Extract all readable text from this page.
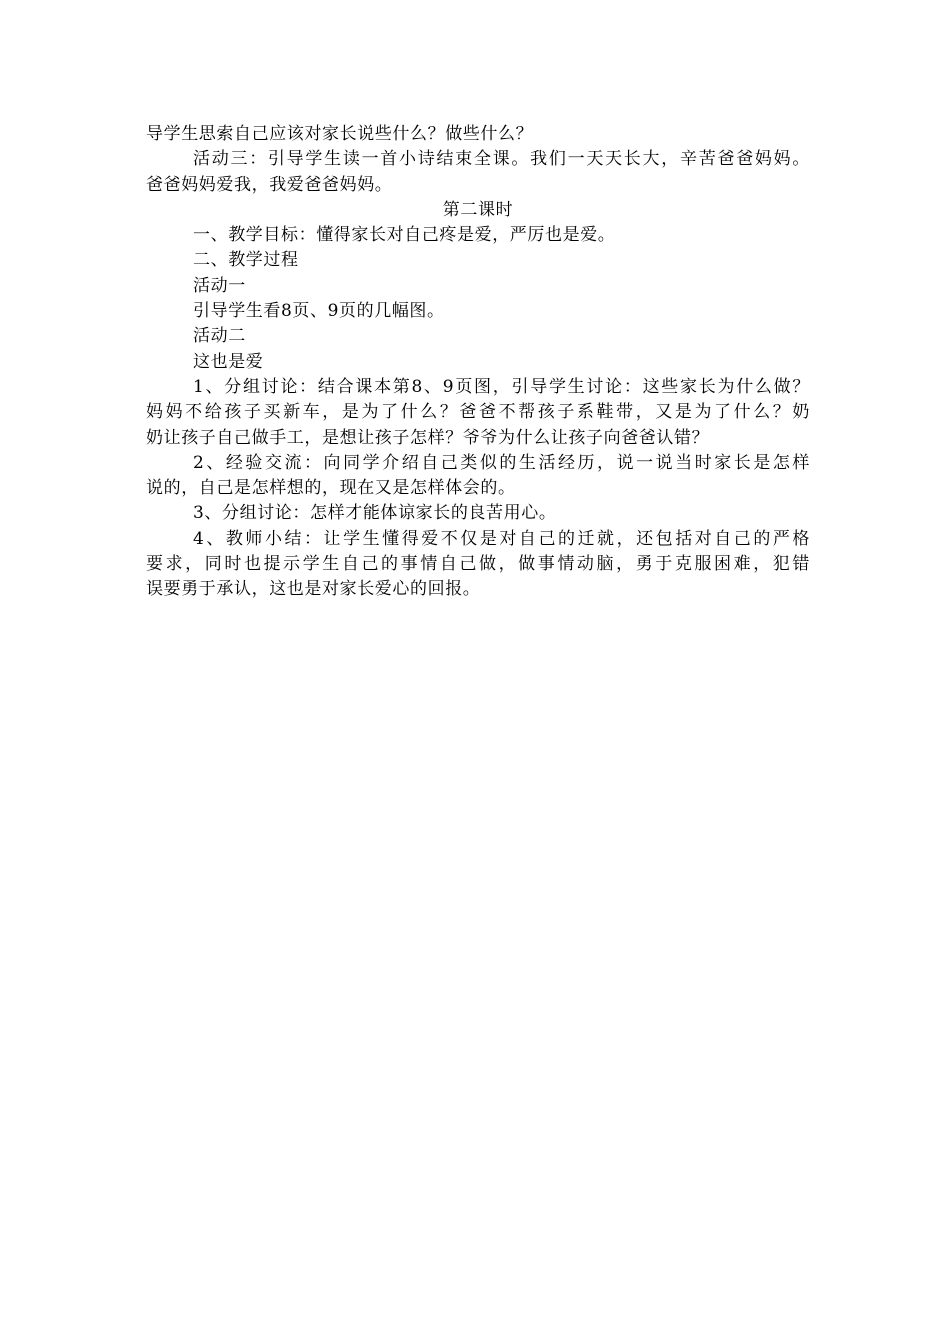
导学生思索自己应该对家长说些什么？做些什么？
活动三：引导学生读一首小诗结束全课。我们一天天长大，辛苦爸爸妈妈。
爸爸妈妈爱我，我爱爸爸妈妈。
第二课时
一、教学目标：懂得家长对自己疼是爱，严厉也是爱。
二、教学过程
活动一
引导学生看8页、9页的几幅图。
活动二
这也是爱
1、分组讨论：结合课本第8、9页图，引导学生讨论：这些家长为什么做？
妈妈不给孩子买新车，是为了什么？爸爸不帮孩子系鞋带，又是为了什么？奶
奶让孩子自己做手工，是想让孩子怎样？爷爷为什么让孩子向爸爸认错？
2、经验交流：向同学介绍自己类似的生活经历，说一说当时家长是怎样
说的，自己是怎样想的，现在又是怎样体会的。
3、分组讨论：怎样才能体谅家长的良苦用心。
4、教师小结：让学生懂得爱不仅是对自己的迁就，还包括对自己的严格
要求，同时也提示学生自己的事情自己做，做事情动脑，勇于克服困难，犯错
误要勇于承认，这也是对家长爱心的回报。
